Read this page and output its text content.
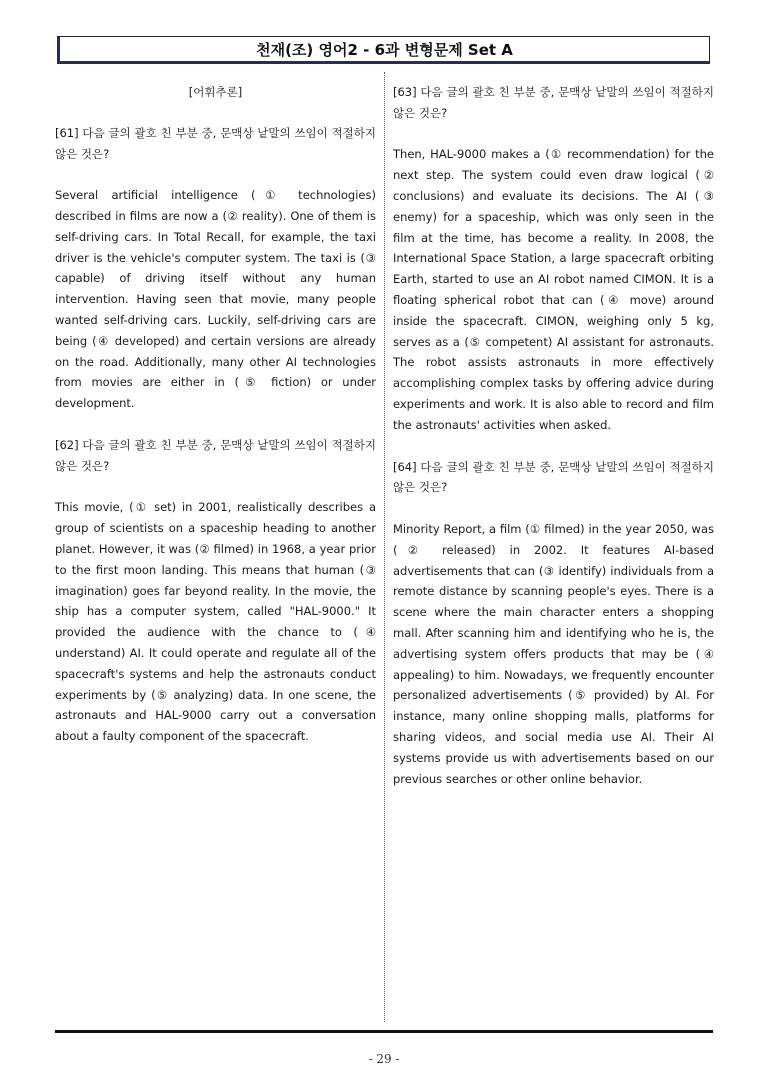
천재(조) 영어2 - 6과 변형문제 Set A

[어휘추론]

[61] 다음 글의 괄호 친 부분 중, 문맥상 낱말의 쓰임이 적절하지 않은 것은?

Several artificial intelligence (① technologies) described in films are now a (② reality). One of them is self-driving cars. In Total Recall, for example, the taxi driver is the vehicle's computer system. The taxi is (③ capable) of driving itself without any human intervention. Having seen that movie, many people wanted self-driving cars. Luckily, self-driving cars are being (④ developed) and certain versions are already on the road. Additionally, many other AI technologies from movies are either in (⑤ fiction) or under development.

[62] 다음 글의 괄호 친 부분 중, 문맥상 낱말의 쓰임이 적절하지 않은 것은?

This movie, (① set) in 2001, realistically describes a group of scientists on a spaceship heading to another planet. However, it was (② filmed) in 1968, a year prior to the first moon landing. This means that human (③ imagination) goes far beyond reality. In the movie, the ship has a computer system, called "HAL-9000." It provided the audience with the chance to (④ understand) AI. It could operate and regulate all of the spacecraft's systems and help the astronauts conduct experiments by (⑤ analyzing) data. In one scene, the astronauts and HAL-9000 carry out a conversation about a faulty component of the spacecraft.

[63] 다음 글의 괄호 친 부분 중, 문맥상 낱말의 쓰임이 적절하지 않은 것은?

Then, HAL-9000 makes a (① recommendation) for the next step. The system could even draw logical (② conclusions) and evaluate its decisions. The AI (③ enemy) for a spaceship, which was only seen in the film at the time, has become a reality. In 2008, the International Space Station, a large spacecraft orbiting Earth, started to use an AI robot named CIMON. It is a floating spherical robot that can (④ move) around inside the spacecraft. CIMON, weighing only 5 kg, serves as a (⑤ competent) AI assistant for astronauts. The robot assists astronauts in more effectively accomplishing complex tasks by offering advice during experiments and work. It is also able to record and film the astronauts' activities when asked.

[64] 다음 글의 괄호 친 부분 중, 문맥상 낱말의 쓰임이 적절하지 않은 것은?

Minority Report, a film (① filmed) in the year 2050, was (② released) in 2002. It features AI-based advertisements that can (③ identify) individuals from a remote distance by scanning people's eyes. There is a scene where the main character enters a shopping mall. After scanning him and identifying who he is, the advertising system offers products that may be (④ appealing) to him. Nowadays, we frequently encounter personalized advertisements (⑤ provided) by AI. For instance, many online shopping malls, platforms for sharing videos, and social media use AI. Their AI systems provide us with advertisements based on our previous searches or other online behavior.

- 29 -
